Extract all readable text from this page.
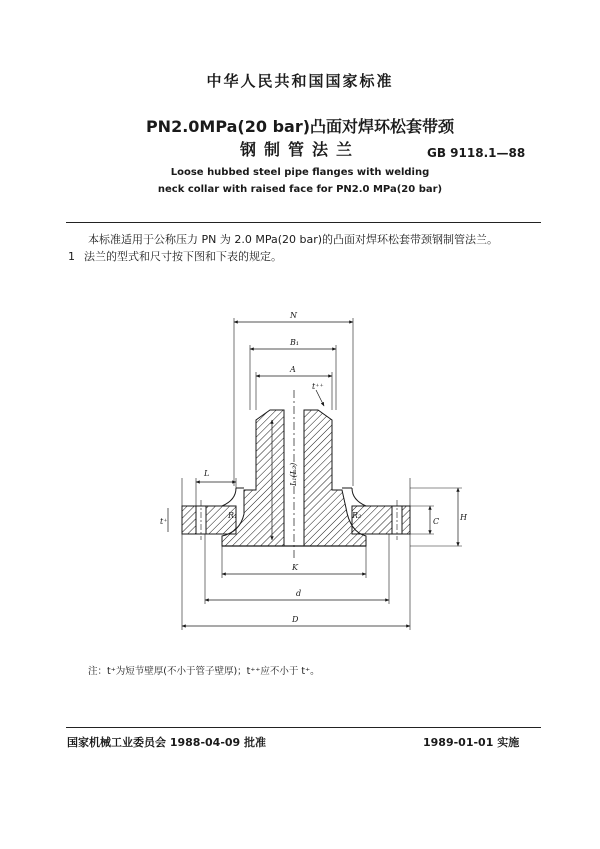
中华人民共和国国家标准
PN2.0MPa(20 bar)凸面对焊环松套带颈
钢制管法兰	GB 9118.1—88
Loose hubbed steel pipe flanges with welding
neck collar with raised face for PN2.0 MPa(20 bar)
本标准适用于公称压力 PN 为 2.0 MPa(20 bar)的凸面对焊环松套带颈钢制管法兰。
1 法兰的型式和尺寸按下图和下表的规定。
N
B₁
A
t⁺⁺
L
t⁺
L₁(L₂)
R₁	R₂
C	H
K
d
D
注：t⁺为短节壁厚(不小于管子壁厚)；t⁺⁺应不小于 t⁺。
国家机械工业委员会 1988-04-09 批准	1989-01-01 实施
